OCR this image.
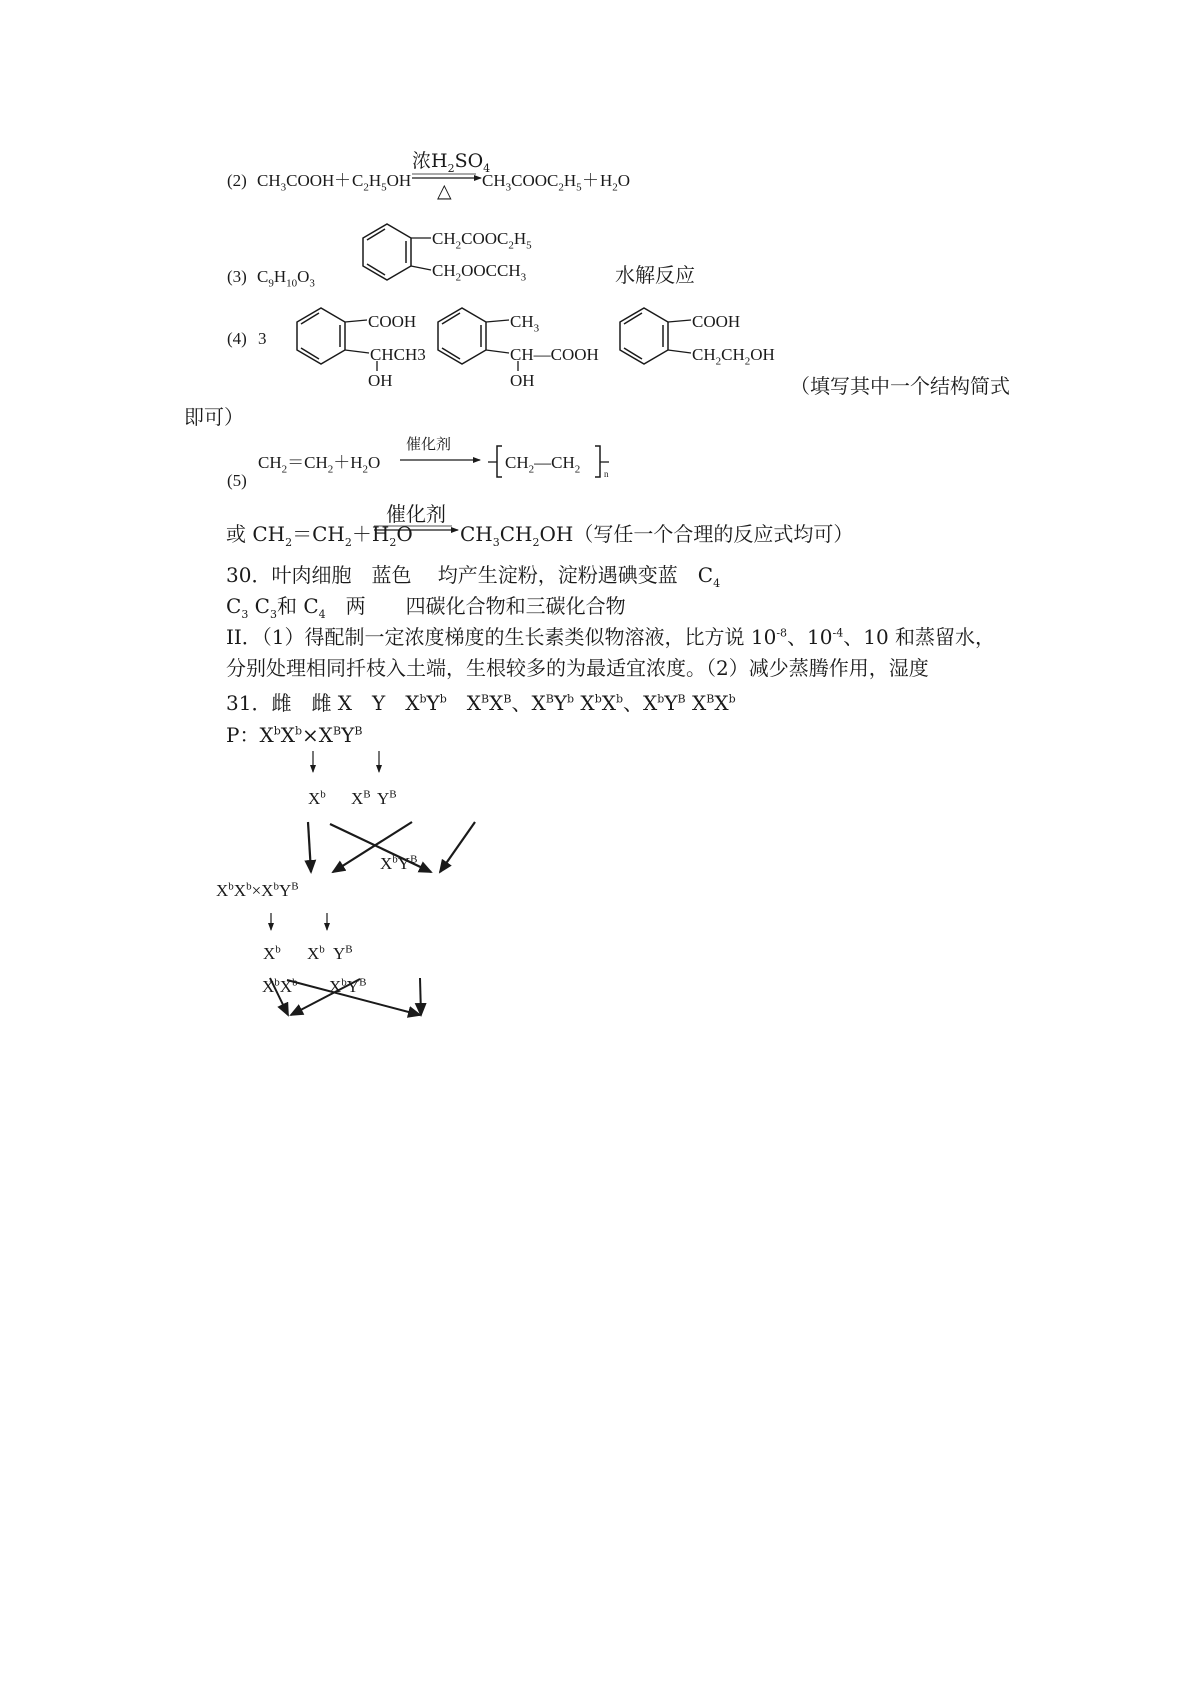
(2) $CH_3COOH + C_2H_5OH$
浓$H_2SO_4$
△ $CH_3COOC_2H_5 + H_2O$
(3) $C_9H_{10}O_3$
$CH_2COOC_2H_5$
$CH_2OOCCH_3$	水解反应
(4) 3
COOH
CHCH3
OH
$CH_3$
CH—COOH
OH
COOH
$CH_2CH_2OH$
（填写其中一个结构简式
即可）
(5)
$CH_2=CH_2+H_2O$
催化剂
$CH_2—CH_2$	n
或 $CH_2=CH_2+H_2O$
催化剂
$CH_3CH_2OH$（写任一个合理的反应式均可）
30．叶肉细胞　蓝色　 均产生淀粉，淀粉遇碘变蓝　$C_4$
$C_3$ $C_3$和 $C_4$　两　　四碳化合物和三碳化合物
II．（1）得配制一定浓度梯度的生长素类似物溶液，比方说 $10^{-8}$、$10^{-4}$、10 和蒸留水，
分别处理相同扦枝入土端，生根较多的为最适宜浓度。（2）减少蒸腾作用，湿度
31．雌　雌 X　Y　$X^bY^b$　$X^BX^B$、$X^BY^b$ $X^bX^b$、$X^bY^B$ $X^BX^b$
P：$X^bX^b\times X^BY^B$
$X^b$ $X^B$ $Y^B$
$X^bY^B$
$X^bX^b\times X^bY^B$
$X^b$ $X^b$ $Y^B$
$X^bX^b$ $X^bY^B$
